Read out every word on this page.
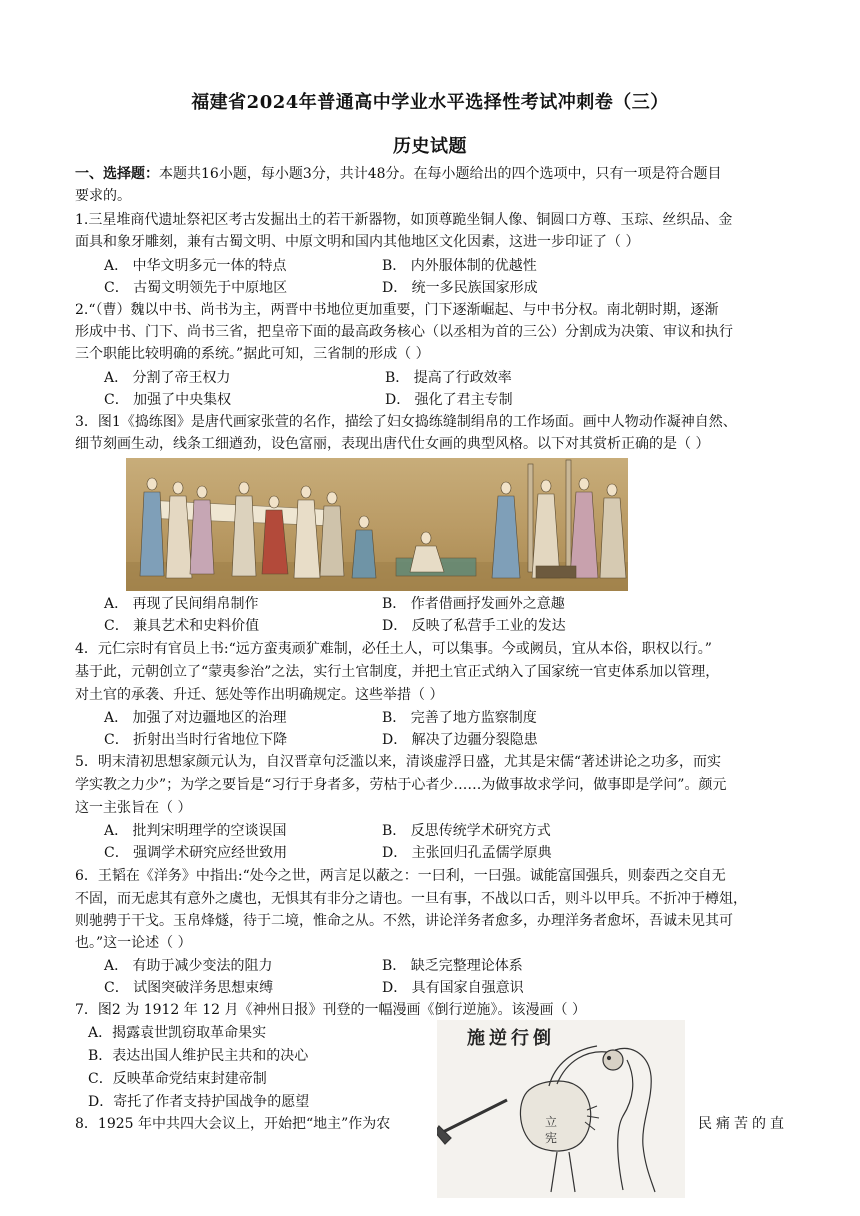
福建省2024年普通高中学业水平选择性考试冲刺卷（三）
历史试题
一、选择题：本题共16小题，每小题3分，共计48分。在每小题给出的四个选项中，只有一项是符合题目
要求的。
1.三星堆商代遗址祭祀区考古发掘出土的若干新器物，如顶尊跪坐铜人像、铜圆口方尊、玉琮、丝织品、金
面具和象牙雕刻，兼有古蜀文明、中原文明和国内其他地区文化因素，这进一步印证了（ ）
A． 中华文明多元一体的特点	B． 内外服体制的优越性
C． 古蜀文明领先于中原地区	D． 统一多民族国家形成
2.“（曹）魏以中书、尚书为主，两晋中书地位更加重要，门下逐渐崛起、与中书分权。南北朝时期，逐渐
形成中书、门下、尚书三省，把皇帝下面的最高政务核心（以丞相为首的三公）分割成为决策、审议和执行
三个职能比较明确的系统。”据此可知，三省制的形成（ ）
A． 分割了帝王权力	B． 提高了行政效率
C． 加强了中央集权	D． 强化了君主专制
3．图1《捣练图》是唐代画家张萱的名作，描绘了妇女捣练缝制绢帛的工作场面。画中人物动作凝神自然、
细节刻画生动，线条工细遒劲，设色富丽，表现出唐代仕女画的典型风格。以下对其赏析正确的是（ ）
A． 再现了民间绢帛制作	B． 作者借画抒发画外之意趣
C． 兼具艺术和史料价值	D． 反映了私营手工业的发达
4．元仁宗时有官员上书:“远方蛮夷顽犷难制，必任土人，可以集事。今或阙员，宜从本俗，职权以行。”
基于此，元朝创立了“蒙夷参治”之法，实行土官制度，并把土官正式纳入了国家统一官吏体系加以管理，
对土官的承袭、升迁、惩处等作出明确规定。这些举措（ ）
A． 加强了对边疆地区的治理	B． 完善了地方监察制度
C． 折射出当时行省地位下降	D． 解决了边疆分裂隐患
5．明末清初思想家颜元认为，自汉晋章句泛滥以来，清谈虚浮日盛，尤其是宋儒“著述讲论之功多，而实
学实教之力少”；为学之要旨是“习行于身者多，劳枯于心者少……为做事故求学问，做事即是学问”。颜元
这一主张旨在（ ）
A． 批判宋明理学的空谈误国	B． 反思传统学术研究方式
C． 强调学术研究应经世致用	D． 主张回归孔孟儒学原典
6．王韬在《洋务》中指出:“处今之世，两言足以蔽之：一曰利，一曰强。诚能富国强兵，则泰西之交自无
不固，而无虑其有意外之虞也，无惧其有非分之请也。一旦有事，不战以口舌，则斗以甲兵。不折冲于樽俎，
则驰骋于干戈。玉帛烽燧，待于二境，惟命之从。不然，讲论洋务者愈多，办理洋务者愈坏，吾诚未见其可
也。”这一论述（ ）
A． 有助于减少变法的阻力	B． 缺乏完整理论体系
C． 试图突破洋务思想束缚	D． 具有国家自强意识
7．图2 为 1912 年 12 月《神州日报》刊登的一幅漫画《倒行逆施》。该漫画（ ）
A．揭露袁世凯窃取革命果实
B．表达出国人维护民主共和的决心
C．反映革命党结束封建帝制
D．寄托了作者支持护国战争的愿望
施逆行倒
立
宪
8．1925 年中共四大会议上，开始把“地主”作为农	民痛苦的直
